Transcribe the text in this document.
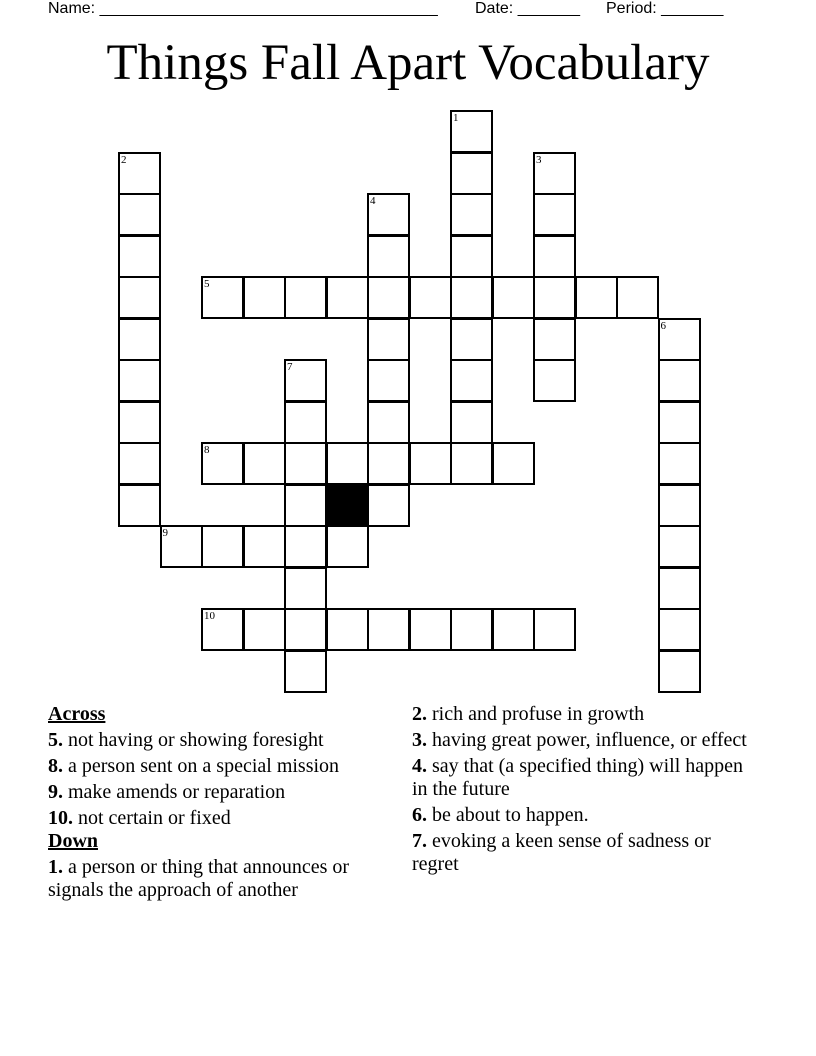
Name: ______________________________________ Date: _______ Period: _______
Things Fall Apart Vocabulary
1
2	3
4
5
6
7
8
9
10
Across
5. not having or showing foresight
8. a person sent on a special mission
9. make amends or reparation
10. not certain or fixed
Down
1. a person or thing that announces or signals the approach of another
2. rich and profuse in growth
3. having great power, influence, or effect
4. say that (a specified thing) will happen in the future
6. be about to happen.
7. evoking a keen sense of sadness or regret
